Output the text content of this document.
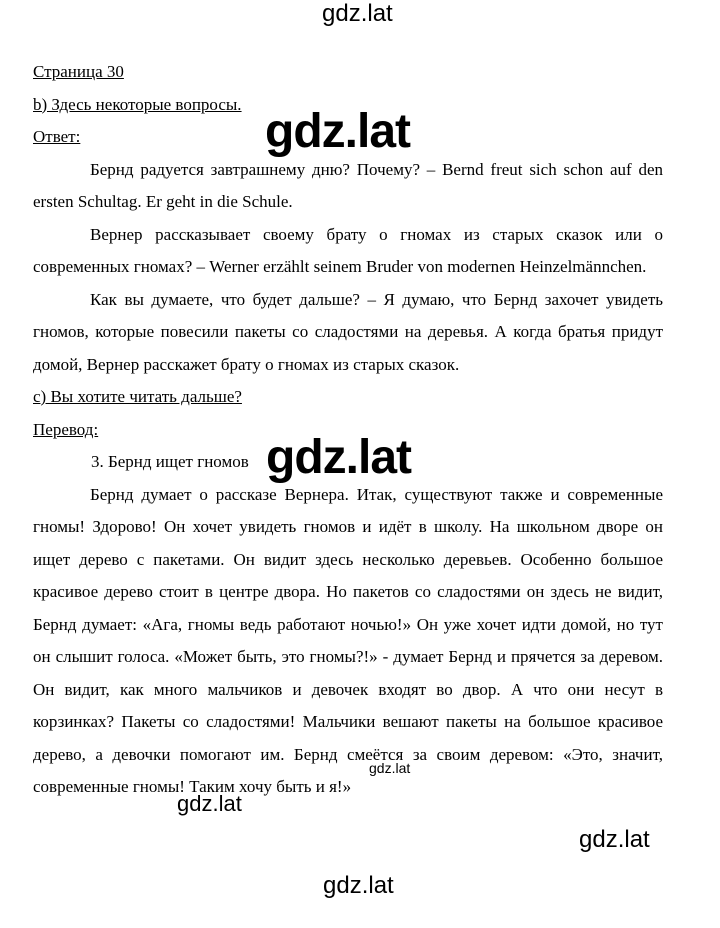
gdz.lat

Страница 30

b) Здесь некоторые вопросы.

Ответ:

Бернд радуется завтрашнему дню? Почему? – Bernd freut sich schon auf den ersten Schultag. Er geht in die Schule.

Вернер рассказывает своему брату о гномах из старых сказок или о современных гномах? – Werner erzählt seinem Bruder von modernen Heinzelmännchen.

Как вы думаете, что будет дальше? – Я думаю, что Бернд захочет увидеть гномов, которые повесили пакеты со сладостями на деревья. А когда братья придут домой, Вернер расскажет брату о гномах из старых сказок.

c) Вы хотите читать дальше?

Перевод:

3. Бернд ищет гномов

Бернд думает о рассказе Вернера. Итак, существуют также и современные гномы! Здорово! Он хочет увидеть гномов и идёт в школу. На школьном дворе он ищет дерево с пакетами. Он видит здесь несколько деревьев. Особенно большое красивое дерево стоит в центре двора. Но пакетов со сладостями он здесь не видит, Бернд думает: «Ага, гномы ведь работают ночью!» Он уже хочет идти домой, но тут он слышит голоса. «Может быть, это гномы?!» - думает Бернд и прячется за деревом. Он видит, как много мальчиков и девочек входят во двор. А что они несут в корзинках? Пакеты со сладостями! Мальчики вешают пакеты на большое красивое дерево, а девочки помогают им. Бернд смеётся за своим деревом: «Это, значит, современные гномы! Таким хочу быть и я!»

gdz.lat
gdz.lat
gdz.lat
gdz.lat
gdz.lat
gdz.lat
